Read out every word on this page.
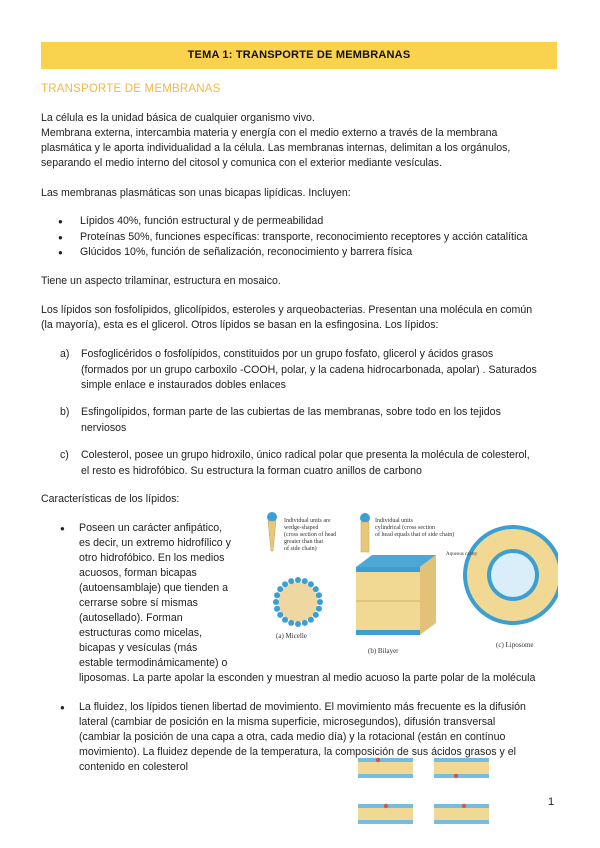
TEMA 1: TRANSPORTE DE MEMBRANAS
TRANSPORTE DE MEMBRANAS
La célula es la unidad básica de cualquier organismo vivo.
Membrana externa, intercambia materia y energía con el medio externo a través de la membrana
plasmática y le aporta individualidad a la célula. Las membranas internas, delimitan a los orgánulos,
separando el medio interno del citosol y comunica con el exterior mediante vesículas.
Las membranas plasmáticas son unas bicapas lipídicas. Incluyen:
● Lípidos 40%, función estructural y de permeabilidad
● Proteínas 50%, funciones específicas: transporte, reconocimiento receptores y acción catalítica
● Glúcidos 10%, función de señalización, reconocimiento y barrera física
Tiene un aspecto trilaminar, estructura en mosaico.
Los lípidos son fosfolípidos, glicolípidos, esteroles y arqueobacterias. Presentan una molécula en común
(la mayoría), esta es el glicerol. Otros lípidos se basan en la esfingosina. Los lípidos:
a) Fosfoglicéridos o fosfolípidos, constituidos por un grupo fosfato, glicerol y ácidos grasos
(formados por un grupo carboxilo -COOH, polar, y la cadena hidrocarbonada, apolar) . Saturados
simple enlace e instaurados dobles enlaces
b) Esfingolípidos, forman parte de las cubiertas de las membranas, sobre todo en los tejidos
nerviosos
c) Colesterol, posee un grupo hidroxilo, único radical polar que presenta la molécula de colesterol,
el resto es hidrofóbico. Su estructura la forman cuatro anillos de carbono
Características de los lípidos:
● Poseen un carácter anfipático,
es decir, un extremo hidrofílico y
otro hidrofóbico. En los medios
acuosos, forman bicapas
(autoensamblaje) que tienden a
cerrarse sobre sí mismas
(autosellado). Forman
estructuras como micelas,
bicapas y vesículas (más
estable termodinámicamente) o
liposomas. La parte apolar la esconden y muestran al medio acuoso la parte polar de la molécula
(a) Micelle
Individual units are wedge-shaped (cross section of head greater than that of side chain)
(b) Bilayer
Individual units cylindrical (cross section of head equals that of side chain)
Aqueous cavity
(c) Liposome
● La fluidez, los lípidos tienen libertad de movimiento. El movimiento más frecuente es la difusión
lateral (cambiar de posición en la misma superficie, microsegundos), difusión transversal
(cambiar la posición de una capa a otra, cada medio día) y la rotacional (están en contínuo
movimiento). La fluidez depende de la temperatura, la composición de sus ácidos grasos y el
contenido en colesterol
1
